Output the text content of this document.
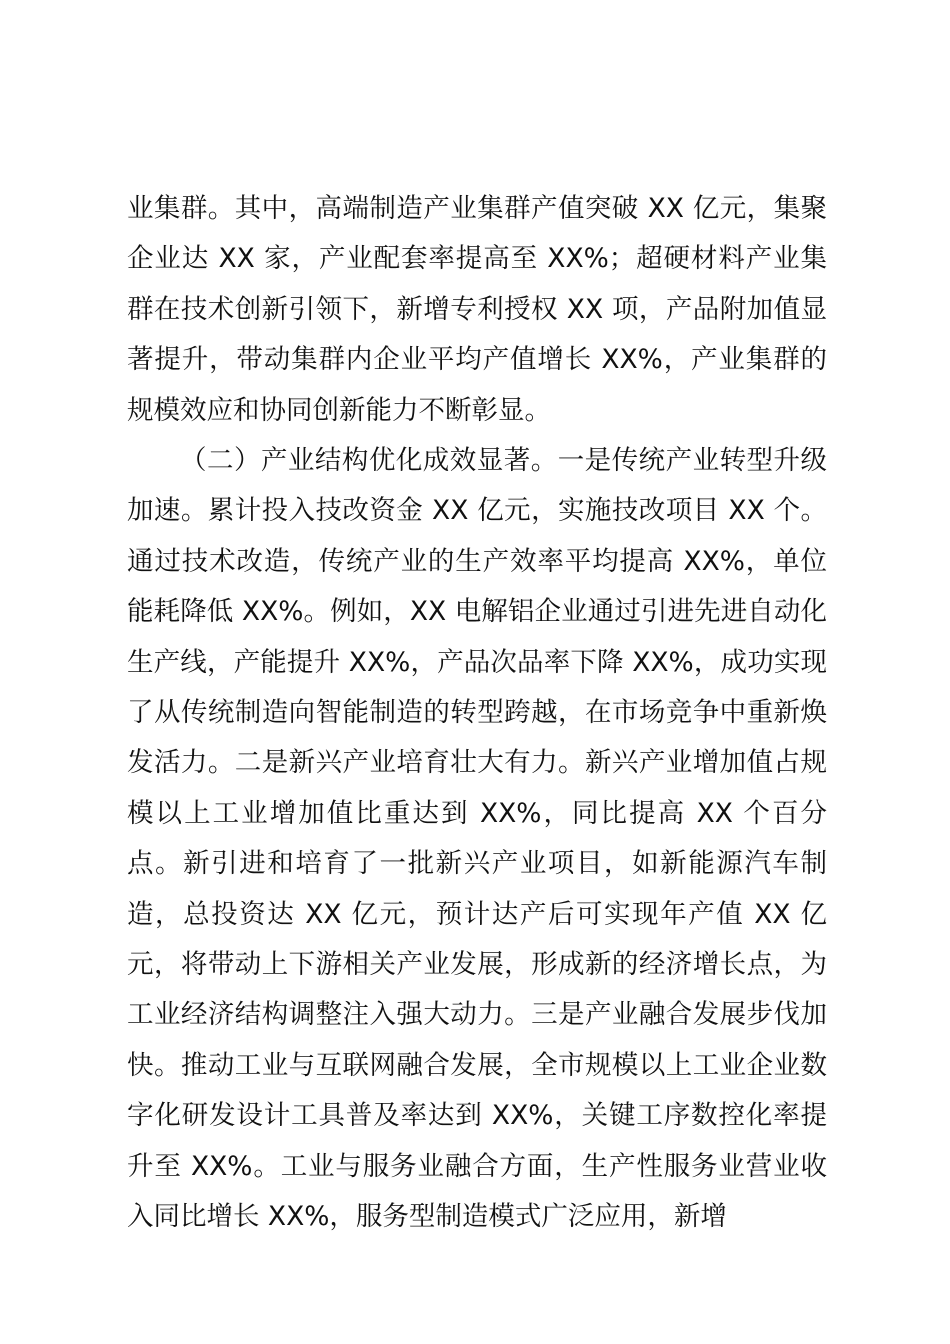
业集群。其中，高端制造产业集群产值突破 XX 亿元，集聚企业达 XX 家，产业配套率提高至 XX%；超硬材料产业集群在技术创新引领下，新增专利授权 XX 项，产品附加值显著提升，带动集群内企业平均产值增长 XX%，产业集群的规模效应和协同创新能力不断彰显。

（二）产业结构优化成效显著。一是传统产业转型升级加速。累计投入技改资金 XX 亿元，实施技改项目 XX 个。通过技术改造，传统产业的生产效率平均提高 XX%，单位能耗降低 XX%。例如，XX 电解铝企业通过引进先进自动化生产线，产能提升 XX%，产品次品率下降 XX%，成功实现了从传统制造向智能制造的转型跨越，在市场竞争中重新焕发活力。二是新兴产业培育壮大有力。新兴产业增加值占规模以上工业增加值比重达到 XX%，同比提高 XX 个百分点。新引进和培育了一批新兴产业项目，如新能源汽车制造，总投资达 XX 亿元，预计达产后可实现年产值 XX 亿元，将带动上下游相关产业发展，形成新的经济增长点，为工业经济结构调整注入强大动力。三是产业融合发展步伐加快。推动工业与互联网融合发展，全市规模以上工业企业数字化研发设计工具普及率达到 XX%，关键工序数控化率提升至 XX%。工业与服务业融合方面，生产性服务业营业收入同比增长 XX%，服务型制造模式广泛应用，新增
